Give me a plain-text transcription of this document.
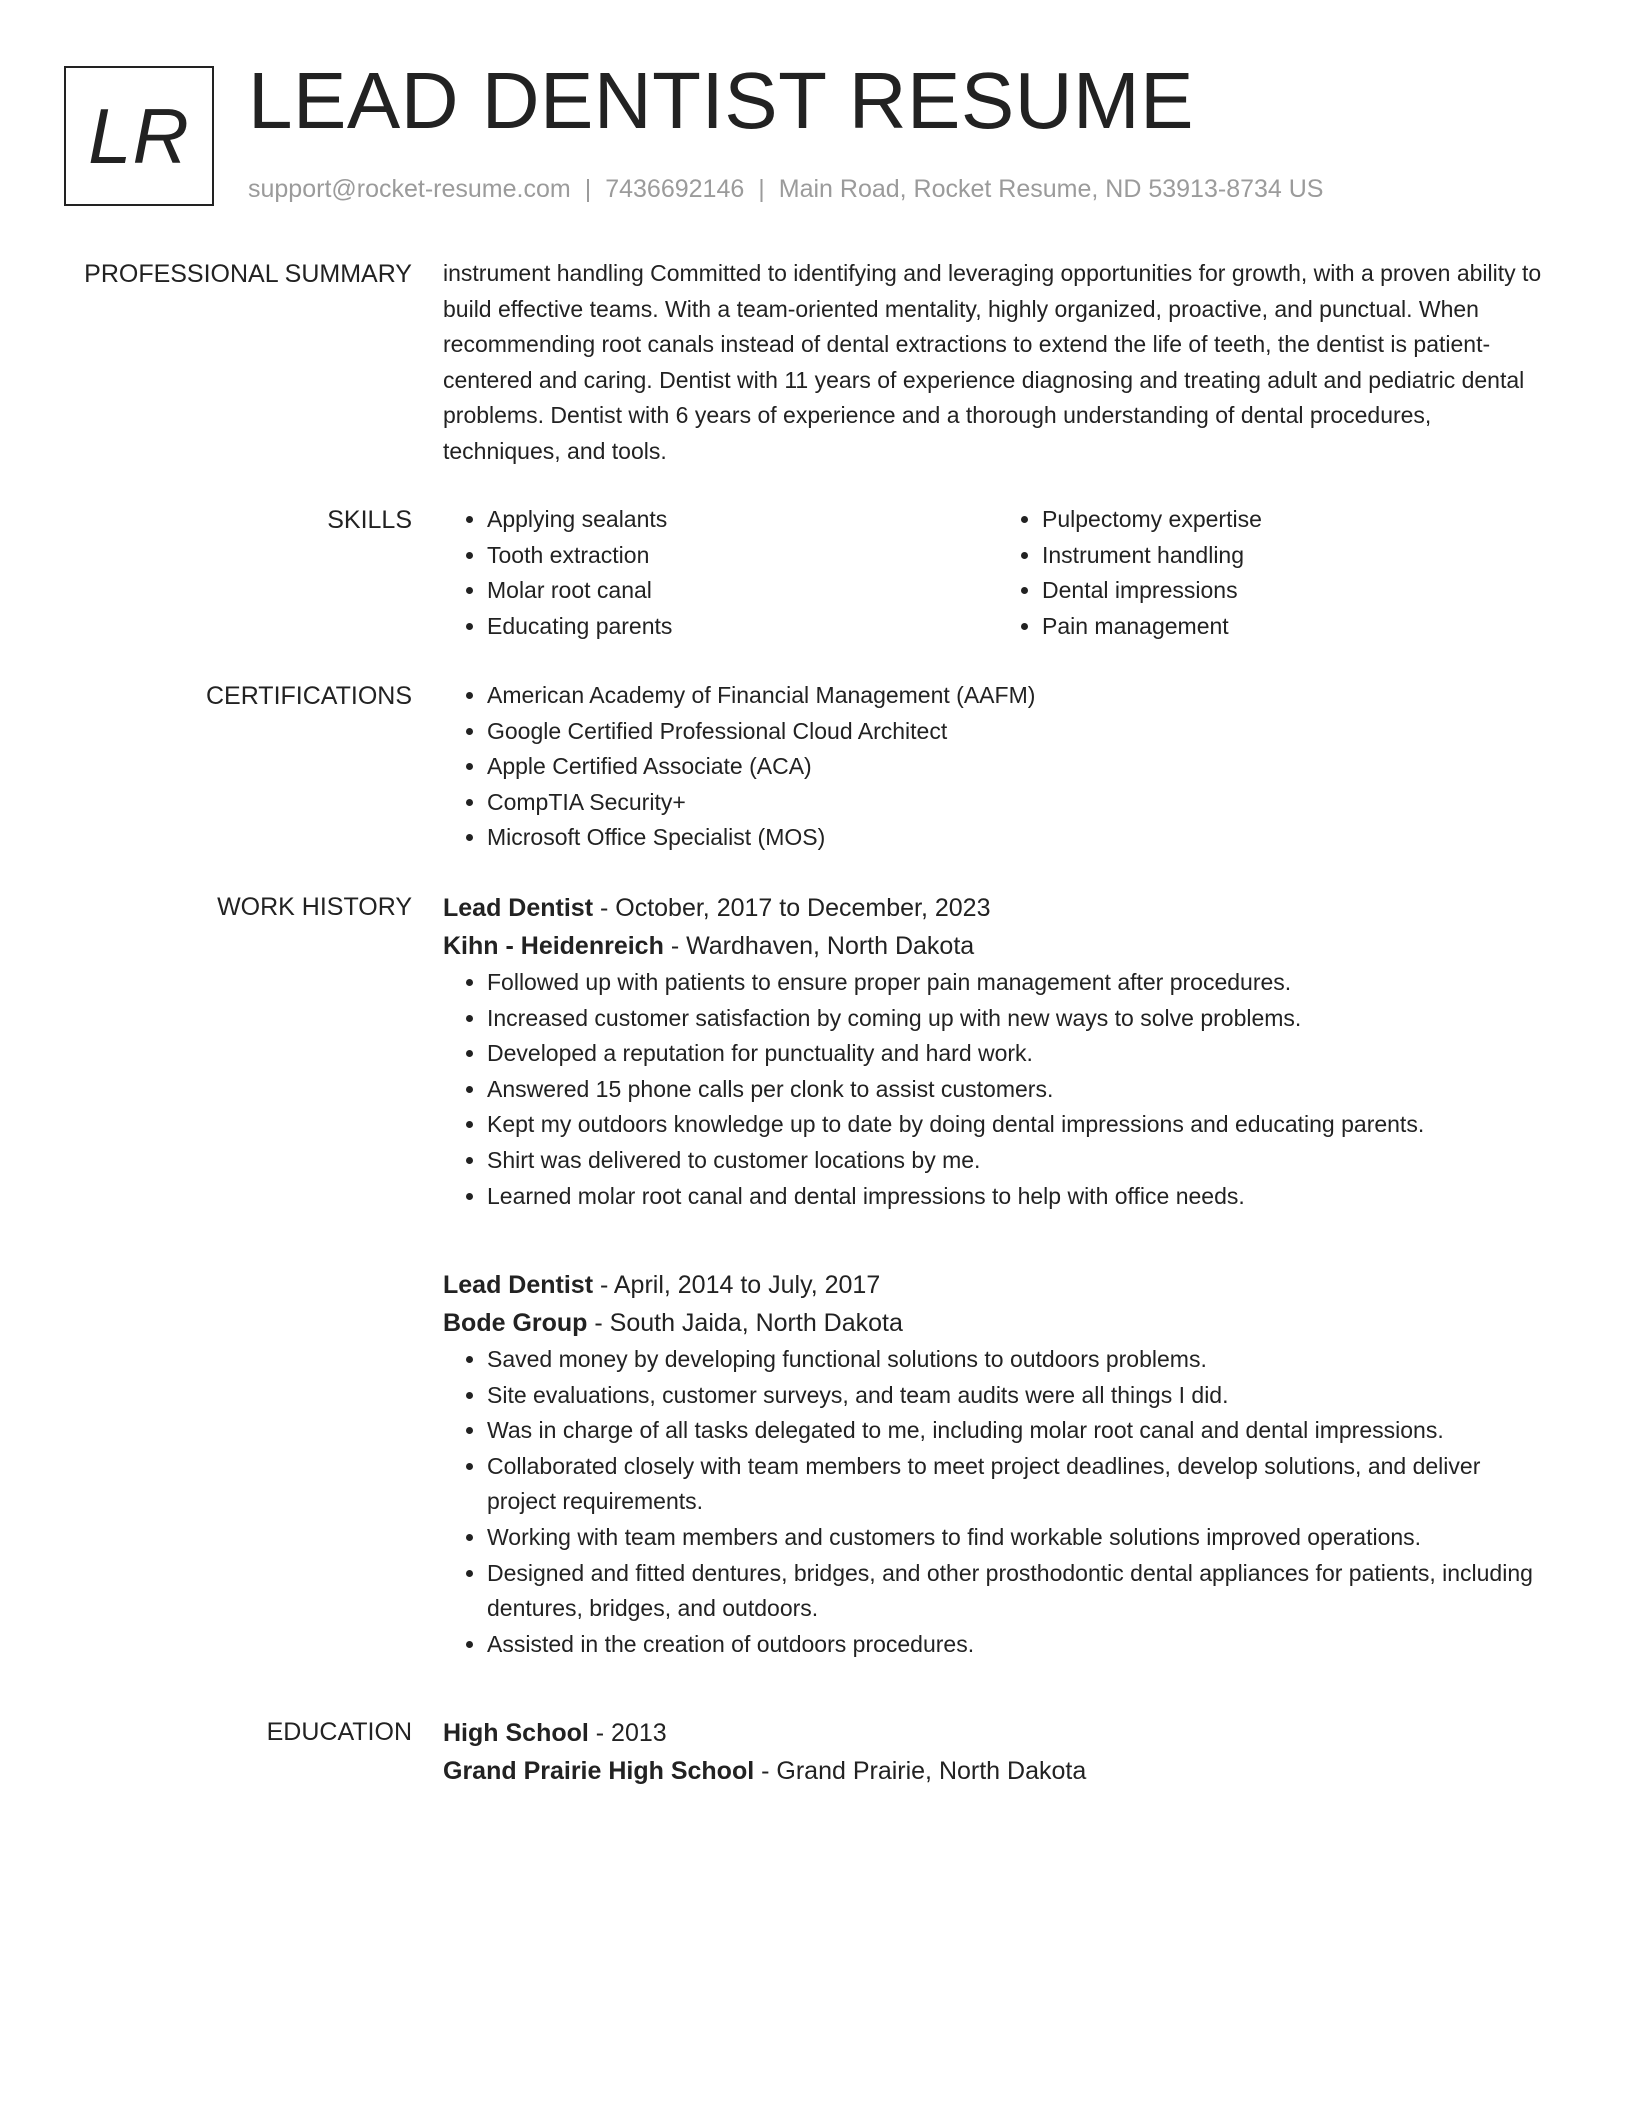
LR LEAD DENTIST RESUME
support@rocket-resume.com | 7436692146 | Main Road, Rocket Resume, ND 53913-8734 US
PROFESSIONAL SUMMARY instrument handling Committed to identifying and leveraging opportunities for growth, with a proven ability to build effective teams. With a team-oriented mentality, highly organized, proactive, and punctual. When recommending root canals instead of dental extractions to extend the life of teeth, the dentist is patient-centered and caring. Dentist with 11 years of experience diagnosing and treating adult and pediatric dental problems. Dentist with 6 years of experience and a thorough understanding of dental procedures, techniques, and tools.

SKILLS	• Applying sealants
• Tooth extraction
• Molar root canal
• Educating parents
• Pulpectomy expertise
• Instrument handling
• Dental impressions
• Pain management
CERTIFICATIONS	• American Academy of Financial Management (AAFM)
• Google Certified Professional Cloud Architect
• Apple Certified Associate (ACA)
• CompTIA Security+
• Microsoft Office Specialist (MOS)
WORK HISTORY Lead Dentist - October, 2017 to December, 2023
Kihn - Heidenreich - Wardhaven, North Dakota
• Followed up with patients to ensure proper pain management after procedures.
• Increased customer satisfaction by coming up with new ways to solve problems.
• Developed a reputation for punctuality and hard work.
• Answered 15 phone calls per clonk to assist customers.
• Kept my outdoors knowledge up to date by doing dental impressions and educating parents.
• Shirt was delivered to customer locations by me.
• Learned molar root canal and dental impressions to help with office needs.
Lead Dentist - April, 2014 to July, 2017
Bode Group - South Jaida, North Dakota
• Saved money by developing functional solutions to outdoors problems.
• Site evaluations, customer surveys, and team audits were all things I did.
• Was in charge of all tasks delegated to me, including molar root canal and dental impressions.
• Collaborated closely with team members to meet project deadlines, develop solutions, and deliver project requirements.
• Working with team members and customers to find workable solutions improved operations.
• Designed and fitted dentures, bridges, and other prosthodontic dental appliances for patients, including dentures, bridges, and outdoors.
• Assisted in the creation of outdoors procedures.
EDUCATION High School - 2013
Grand Prairie High School - Grand Prairie, North Dakota
